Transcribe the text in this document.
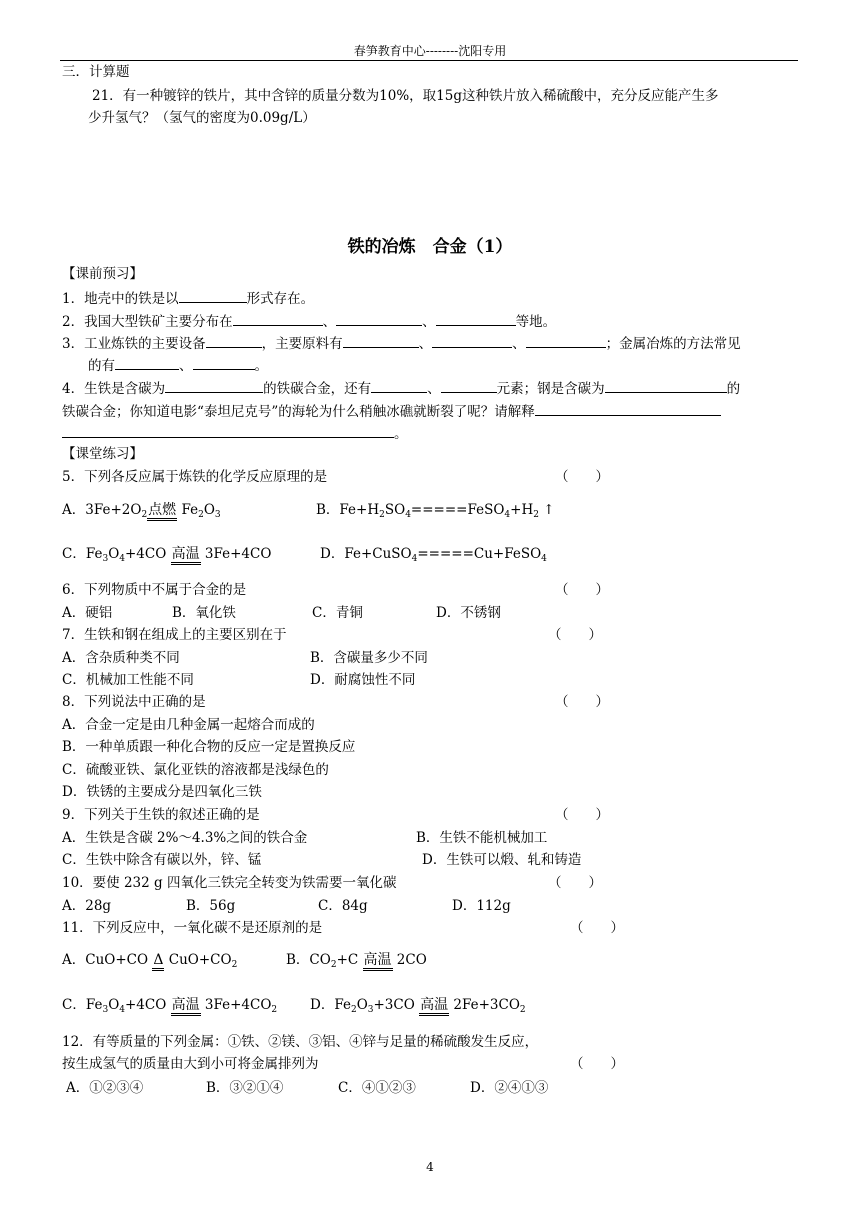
春笋教育中心--------沈阳专用
三．计算题
21．有一种镀锌的铁片，其中含锌的质量分数为10%，取15g这种铁片放入稀硫酸中，充分反应能产生多
少升氢气？（氢气的密度为0.09g/L）
铁的冶炼　合金（1）
【课前预习】
1．地壳中的铁是以	形式存在。
2．我国大型铁矿主要分布在	、	、	等地。
3．工业炼铁的主要设备	，主要原料有	、	、	；金属冶炼的方法常见
的有	、	。
4．生铁是含碳为	的铁碳合金，还有	、	元素；钢是含碳为	的
铁碳合金；你知道电影“泰坦尼克号”的海轮为什么稍触冰礁就断裂了呢？请解释
。
【课堂练习】
5．下列各反应属于炼铁的化学反应原理的是	（　　）
A．$3Fe+2O_2$点燃 $Fe_2O_3$	B．$Fe+H_2SO_4=====FeSO_4+H_2$ ↑
C．$Fe_3O_4+4CO$ 高温 3Fe+4CO	D．Fe+CuSO$_4$=====Cu+FeSO$_4$
6．下列物质中不属于合金的是	（　　）
A．硬铝	B．氧化铁	C．青铜	D．不锈钢
7．生铁和钢在组成上的主要区别在于	（　　）
A．含杂质种类不同	B．含碳量多少不同
C．机械加工性能不同	D．耐腐蚀性不同
8．下列说法中正确的是	（　　）
A．合金一定是由几种金属一起熔合而成的
B．一种单质跟一种化合物的反应一定是置换反应
C．硫酸亚铁、氯化亚铁的溶液都是浅绿色的
D．铁锈的主要成分是四氧化三铁
9．下列关于生铁的叙述正确的是	（　　）
A．生铁是含碳 2%～4.3%之间的铁合金	B．生铁不能机械加工
C．生铁中除含有碳以外，锌、锰	D．生铁可以煅、轧和铸造
10．要使 232 g 四氧化三铁完全转变为铁需要一氧化碳	（　　）
A．28g	B．56g	C．84g	D．112g
11．下列反应中，一氧化碳不是还原剂的是	（　　）
A．CuO+CO Δ $CuO+CO_2$	B．$CO_2+C$ 高温 2CO
C．$Fe_3O_4+4CO$ 高温 $3Fe+4CO_2$ D．$Fe_2O_3+3CO$ 高温 $2Fe+3CO_2$
12．有等质量的下列金属：①铁、②镁、③铝、④锌与足量的稀硫酸发生反应，
按生成氢气的质量由大到小可将金属排列为	（　　）
A．①②③④	B．③②①④	C．④①②③	D．②④①③
4
